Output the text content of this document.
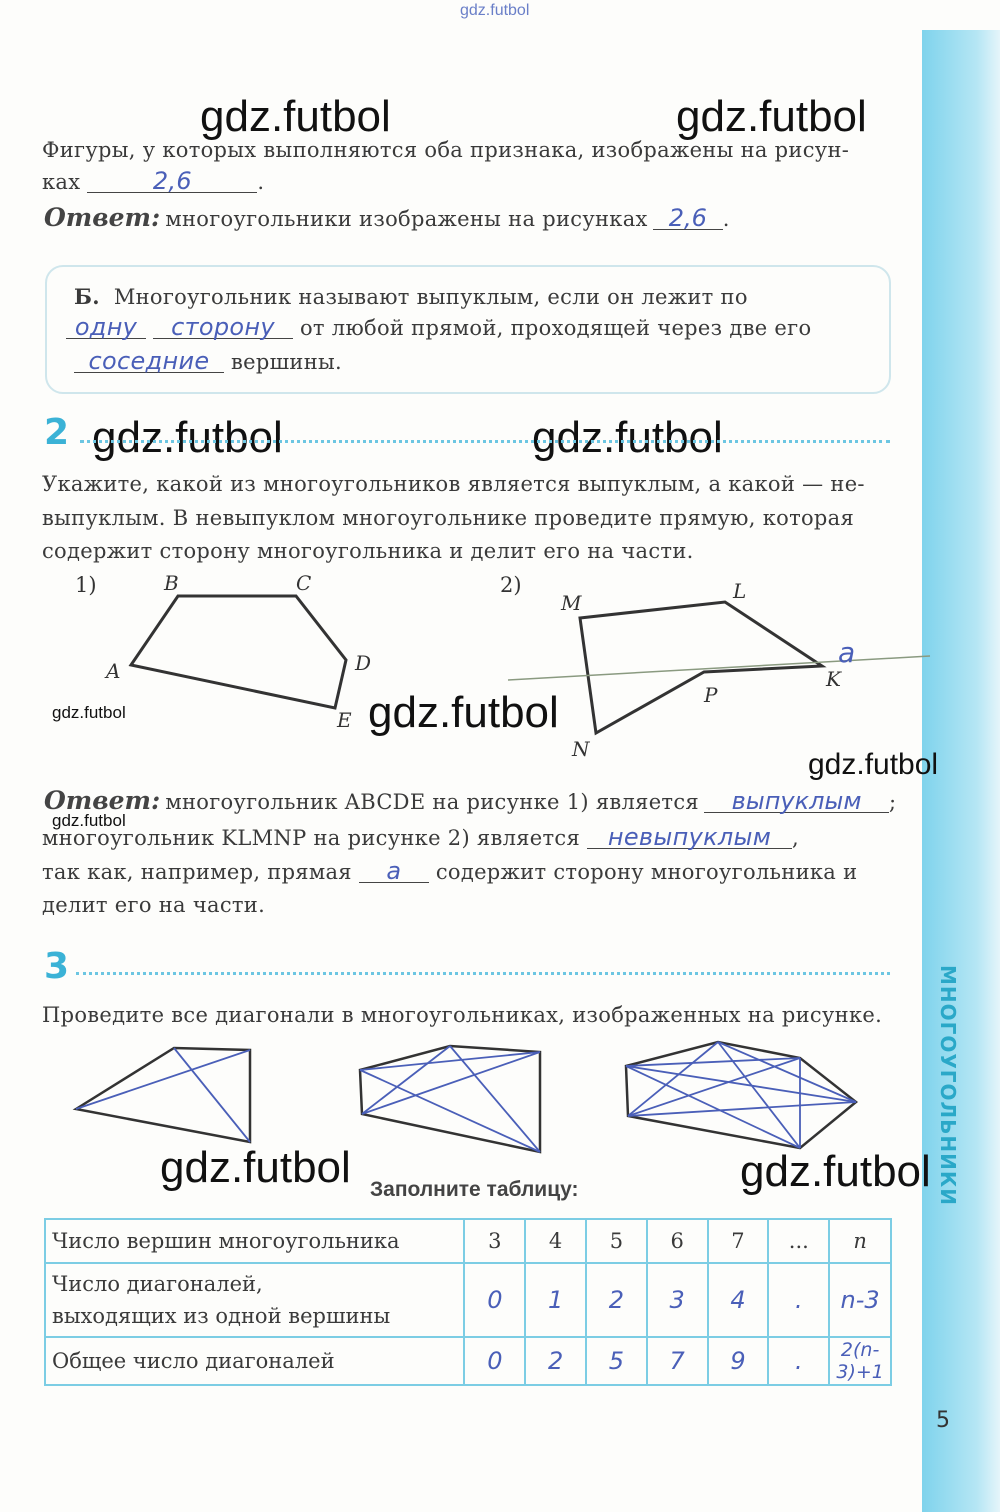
МНОГОУГОЛЬНИКИ
gdz.futbol
gdz.futbol	gdz.futbol
gdz.futbol	gdz.futbol
gdz.futbol
gdz.futbol	gdz.futbol
gdz.futbol
gdz.futbol
gdz.futbol
Фигуры, у которых выполняются оба признака, изображены на рисун-
ках	2,6	.
Ответ: многоугольники изображены на рисунках 2,6 .
Б. Многоугольник называют выпуклым, если он лежит по
одну сторону от любой прямой, проходящей через две его
соседние вершины.
2
Укажите, какой из многоугольников является выпуклым, а какой — не-
выпуклым. В невыпуклом многоугольнике проведите прямую, которая
содержит сторону многоугольника и делит его на части.
1)	2)
A
B	C
D
E
M	L
K
P
N
a
Ответ: многоугольник ABCDE на рисунке 1) является выпуклым ;
многоугольник KLMNP на рисунке 2) является невыпуклым ,
так как, например, прямая a содержит сторону многоугольника и
делит его на части.
3
Проведите все диагонали в многоугольниках, изображенных на рисунке.
Заполните таблицу:
Число вершин многоугольника	3	4	5	6	7	...	n

Число диагоналей,
выходящих из одной вершины	0	1	2	3	4	.	n-3
Общее число диагоналей	0	2	5	7	9	.	2(n-3)+1
5
